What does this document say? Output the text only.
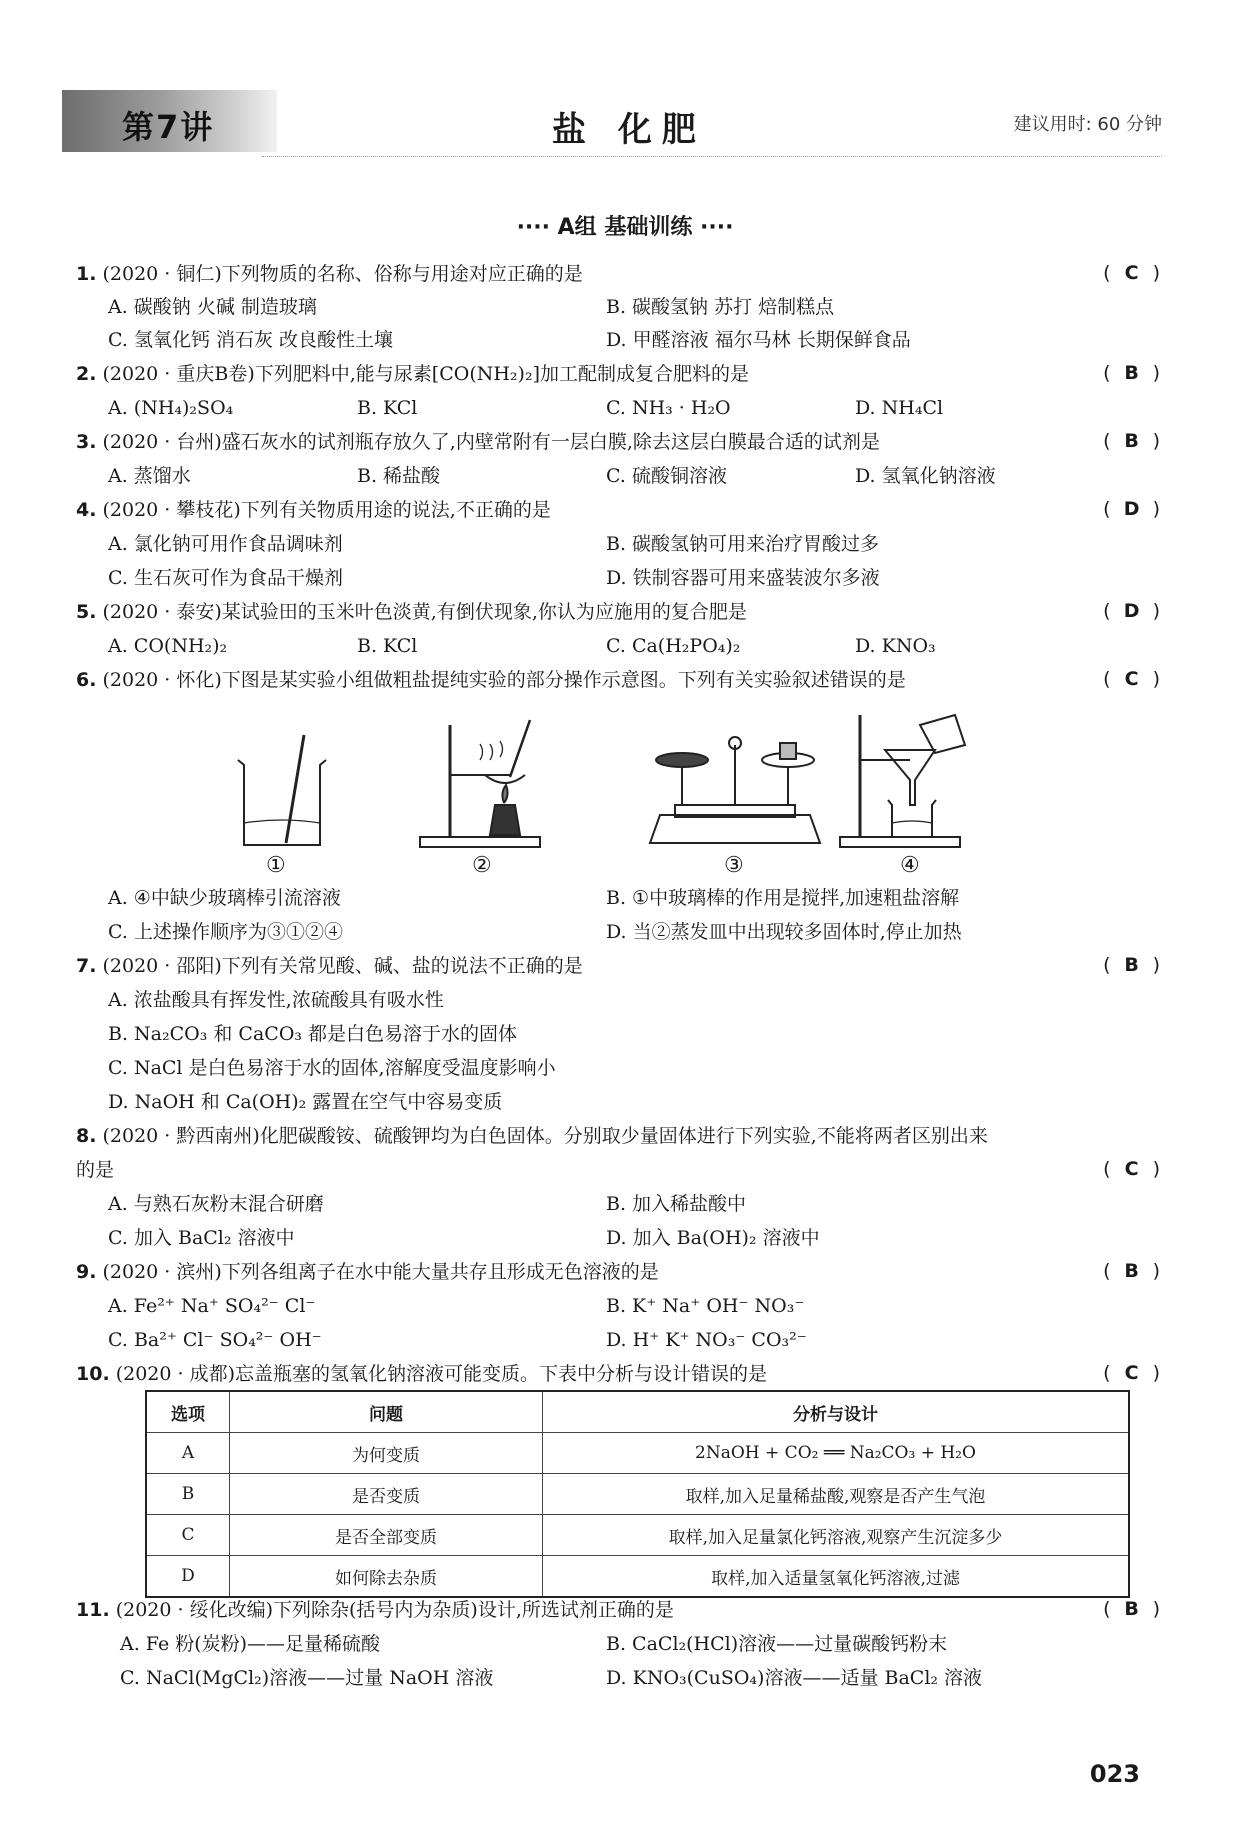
第7讲	盐 化肥	建议用时: 60 分钟
···· A组 基础训练 ····
1. (2020 · 铜仁)下列物质的名称、俗称与用途对应正确的是	( C )
A. 碳酸钠 火碱 制造玻璃	B. 碳酸氢钠 苏打 焙制糕点
C. 氢氧化钙 消石灰 改良酸性土壤	D. 甲醛溶液 福尔马林 长期保鲜食品
2. (2020 · 重庆B卷)下列肥料中,能与尿素[CO(NH₂)₂]加工配制成复合肥料的是	( B )
A. (NH₄)₂SO₄	B. KCl	C. NH₃ · H₂O	D. NH₄Cl
3. (2020 · 台州)盛石灰水的试剂瓶存放久了,内壁常附有一层白膜,除去这层白膜最合适的试剂是	( B )
A. 蒸馏水	B. 稀盐酸	C. 硫酸铜溶液	D. 氢氧化钠溶液
4. (2020 · 攀枝花)下列有关物质用途的说法,不正确的是	( D )
A. 氯化钠可用作食品调味剂	B. 碳酸氢钠可用来治疗胃酸过多
C. 生石灰可作为食品干燥剂	D. 铁制容器可用来盛装波尔多液
5. (2020 · 泰安)某试验田的玉米叶色淡黄,有倒伏现象,你认为应施用的复合肥是	( D )
A. CO(NH₂)₂	B. KCl	C. Ca(H₂PO₄)₂	D. KNO₃
6. (2020 · 怀化)下图是某实验小组做粗盐提纯实验的部分操作示意图。下列有关实验叙述错误的是	( C )
①	②	③	④
A. ④中缺少玻璃棒引流溶液	B. ①中玻璃棒的作用是搅拌,加速粗盐溶解
C. 上述操作顺序为③①②④	D. 当②蒸发皿中出现较多固体时,停止加热
7. (2020 · 邵阳)下列有关常见酸、碱、盐的说法不正确的是	( B )
A. 浓盐酸具有挥发性,浓硫酸具有吸水性
B. Na₂CO₃ 和 CaCO₃ 都是白色易溶于水的固体
C. NaCl 是白色易溶于水的固体,溶解度受温度影响小
D. NaOH 和 Ca(OH)₂ 露置在空气中容易变质
8. (2020 · 黔西南州)化肥碳酸铵、硫酸钾均为白色固体。分别取少量固体进行下列实验,不能将两者区别出来
的是	( C )
A. 与熟石灰粉末混合研磨	B. 加入稀盐酸中
C. 加入 BaCl₂ 溶液中	D. 加入 Ba(OH)₂ 溶液中
9. (2020 · 滨州)下列各组离子在水中能大量共存且形成无色溶液的是	( B )
A. Fe²⁺ Na⁺ SO₄²⁻ Cl⁻	B. K⁺ Na⁺ OH⁻ NO₃⁻
C. Ba²⁺ Cl⁻ SO₄²⁻ OH⁻	D. H⁺ K⁺ NO₃⁻ CO₃²⁻
10. (2020 · 成都)忘盖瓶塞的氢氧化钠溶液可能变质。下表中分析与设计错误的是	( C )
选项	问题	分析与设计
A	为何变质	2NaOH + CO₂ ══ Na₂CO₃ + H₂O
B	是否变质	取样,加入足量稀盐酸,观察是否产生气泡
C	是否全部变质	取样,加入足量氯化钙溶液,观察产生沉淀多少
D	如何除去杂质	取样,加入适量氢氧化钙溶液,过滤
11. (2020 · 绥化改编)下列除杂(括号内为杂质)设计,所选试剂正确的是	( B )
A. Fe 粉(炭粉)——足量稀硫酸	B. CaCl₂(HCl)溶液——过量碳酸钙粉末
C. NaCl(MgCl₂)溶液——过量 NaOH 溶液	D. KNO₃(CuSO₄)溶液——适量 BaCl₂ 溶液
023
